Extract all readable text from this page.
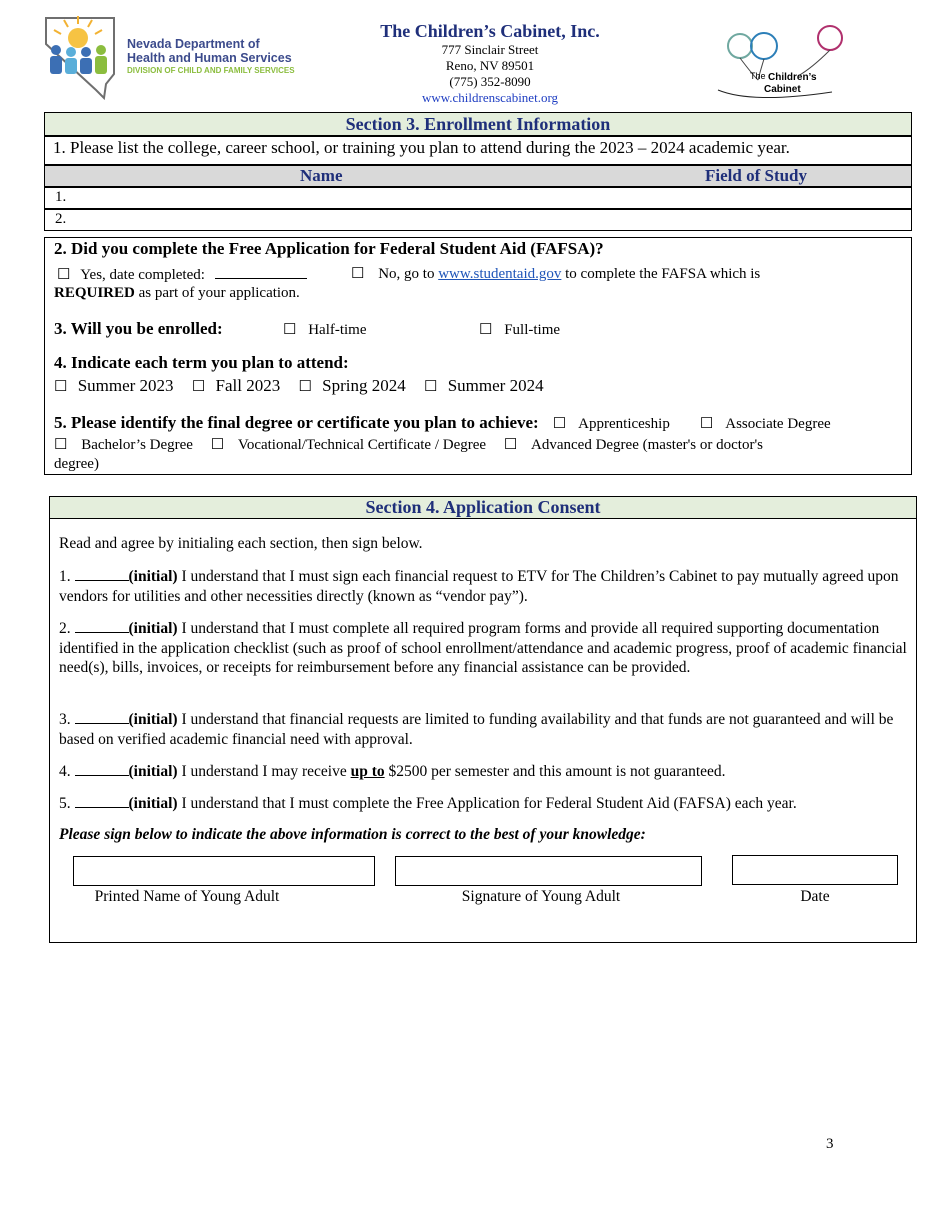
Nevada Department of
Health and Human Services
DIVISION OF CHILD AND FAMILY SERVICES
The Children’s Cabinet, Inc.
777 Sinclair Street
Reno, NV 89501
(775) 352-8090
www.childrenscabinet.org
The Children’s
Cabinet
Section 3. Enrollment Information
1. Please list the college, career school, or training you plan to attend during the 2023 – 2024 academic year.
Name	Field of Study
1.
2.
2. Did you complete the Free Application for Federal Student Aid (FAFSA)?
☐ Yes, date completed:	☐ No, go to www.studentaid.gov to complete the FAFSA which is
REQUIRED as part of your application.
3. Will you be enrolled:	☐ Half-time	☐ Full-time
4. Indicate each term you plan to attend:
☐ Summer 2023 ☐ Fall 2023 ☐ Spring 2024 ☐ Summer 2024
5. Please identify the final degree or certificate you plan to achieve: ☐ Apprenticeship ☐ Associate Degree
☐ Bachelor’s Degree ☐ Vocational/Technical Certificate / Degree ☐ Advanced Degree (master's or doctor's
degree)
Section 4. Application Consent
Read and agree by initialing each section, then sign below.
1.	(initial) I understand that I must sign each financial request to ETV for The Children’s Cabinet to pay mutually agreed upon vendors for utilities and other necessities directly (known as “vendor pay”).
2.	(initial) I understand that I must complete all required program forms and provide all required supporting documentation identified in the application checklist (such as proof of school enrollment/attendance and academic progress, proof of academic financial need(s), bills, invoices, or receipts for reimbursement before any financial assistance can be provided.
3.	(initial) I understand that financial requests are limited to funding availability and that funds are not guaranteed and will be based on verified academic financial need with approval.
4.	(initial) I understand I may receive up to $2500 per semester and this amount is not guaranteed.
5.	(initial) I understand that I must complete the Free Application for Federal Student Aid (FAFSA) each year.
Please sign below to indicate the above information is correct to the best of your knowledge:
Printed Name of Young Adult	Signature of Young Adult	Date
3
